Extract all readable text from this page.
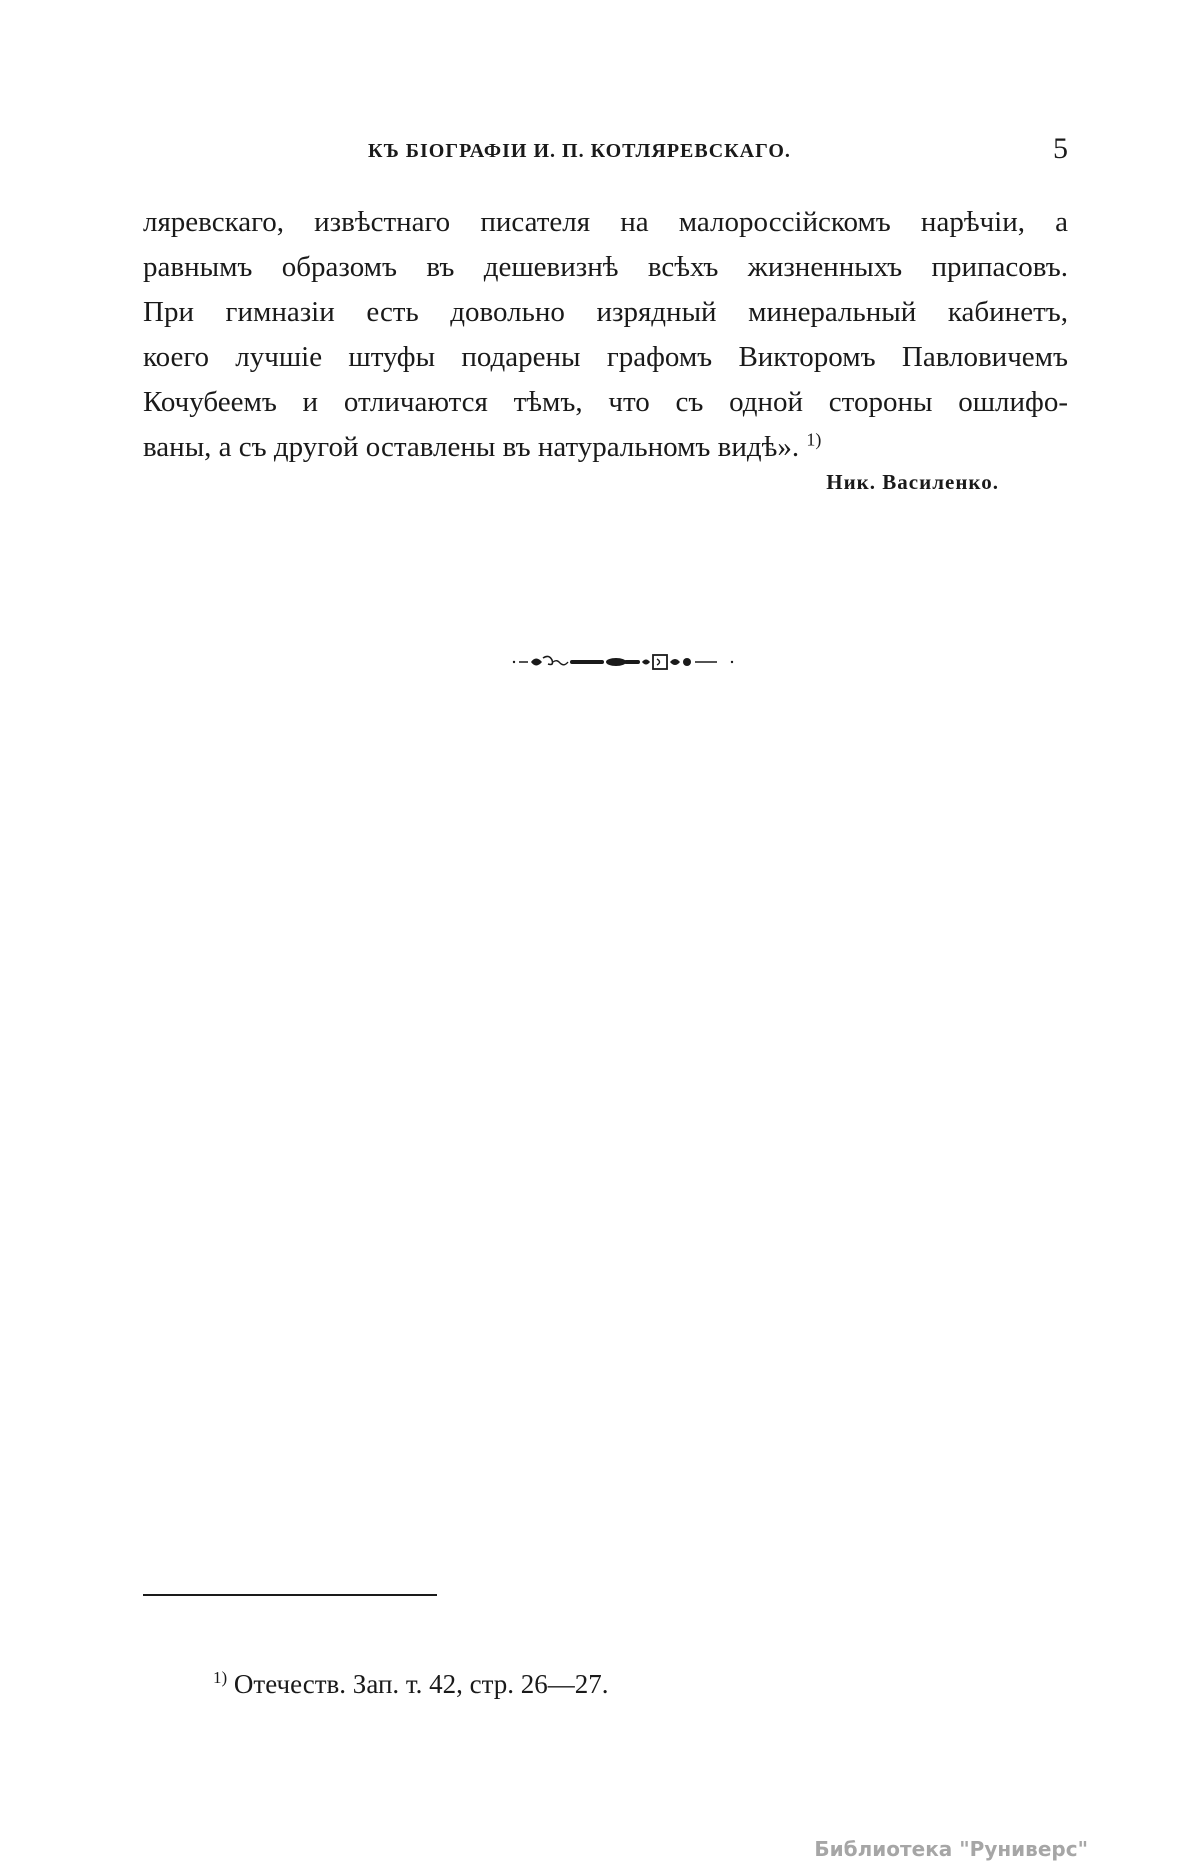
КЪ БІОГРАФІИ И. П. КОТЛЯРЕВСКАГО.	5
ляревскаго, извѣстнаго писателя на малороссійскомъ нарѣчіи, а
равнымъ образомъ въ дешевизнѣ всѣхъ жизненныхъ припасовъ.
При гимназіи есть довольно изрядный минеральный кабинетъ,
коего лучшіе штуфы подарены графомъ Викторомъ Павловичемъ
Кочубеемъ и отличаются тѣмъ, что съ одной стороны ошлифо-
ваны, а съ другой оставлены въ натуральномъ видѣ». $^{1)}$
Ник. Василенко.
$^{1)}$ Отечеств. Зап. т. 42, стр. 26—27.
Библиотека "Руниверс"
